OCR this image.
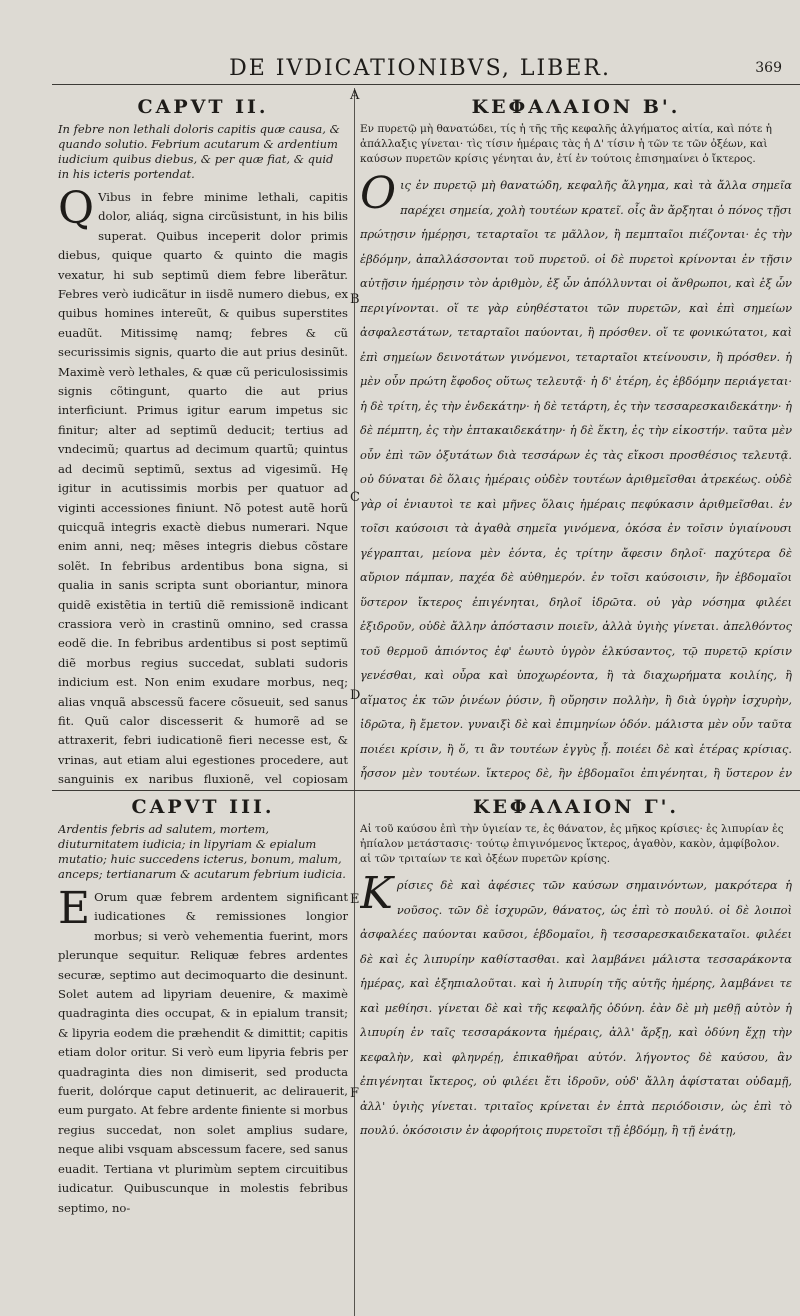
DE IVDICATIONIBVS, LIBER.	369
A
B
C
D
E
F
CAPVT II.

In febre non lethali doloris capitis quæ causa, & quando solutio. Febrium acutarum & ardentium iudicium quibus diebus, & per quæ fiat, & quid in his icteris portendat.

Q Vibus in febre minime lethali, capitis dolor, aliáq, signa circũsistunt, in his bilis superat. Quibus inceperit dolor primis diebus, quique quarto & quinto die magis vexatur, hi sub septimũ diem febre liberãtur. Febres verò iudicãtur in iisdẽ numero diebus, ex quibus homines intereũt, & quibus superstites euadũt. Mitissimę namq; febres & cũ securissimis signis, quarto die aut prius desinũt. Maximè verò lethales, & quæ cũ periculosissimis signis cõtingunt, quarto die aut prius interficiunt. Primus igitur earum impetus sic finitur; alter ad septimũ deducit; tertius ad vndecimũ; quartus ad decimum quartũ; quintus ad decimũ septimũ, sextus ad vigesimũ. Hę igitur in acutissimis morbis per quatuor ad viginti accessiones finiunt. Nõ potest autẽ horũ quicquã integris exactè diebus numerari. Nque enim anni, neq; mẽses integris diebus cõstare solẽt. In febribus ardentibus bona signa, si qualia in sanis scripta sunt oboriantur, minora quidẽ existẽtia in tertiũ diẽ remissionẽ indicant crassiora verò in crastinũ omnino, sed crassa eodẽ die. In febribus ardentibus si post septimũ diẽ morbus regius succedat, sublati sudoris indicium est. Non enim exudare morbus, neq; alias vnquã abscessũ facere cõsueuit, sed sanus fit. Quũ calor discesserit & humorẽ ad se attraxerit, febri iudicationẽ fieri necesse est, & vrinas, aut etiam alui egestiones procedere, aut sanguinis ex naribus fluxionẽ, vel copiosam

ΚΕΦΑΛΑΙΟΝ Β'.

Εν πυρετῷ μὴ θανατώδει, τίς ἡ τῆς τῆς κεφαλῆς ἀλγήματος αἰτία, καὶ πότε ἡ ἀπάλλαξις γίνεται· τὶς τίσιν ἡμέραις τὰς ἡ Δ' τίσιν ἡ τῶν τε τῶν ὀξέων, καὶ καύσων πυρετῶν κρίσις γένηται ἀν, ἐτί ἐν τούτοις ἐπισημαίνει ὁ ἴκτερος.

Οις ἐν πυρετῷ μὴ θανατώδη, κεφαλῆς ἄλγημα, καὶ τὰ ἄλλα σημεῖα παρέχει σημεία, χολὴ τουτέων κρατεῖ. οἷς ἂν ἄρξηται ὁ πόνος τῇσι πρώτῃσιν ἡμέρῃσι, τεταρταῖοι τε μᾶλλον, ἢ πεμπταῖοι πιέζονται· ἐς τὴν ἑβδόμην, ἀπαλλάσσονται τοῦ πυρετοῦ. οἱ δὲ πυρετοὶ κρίνονται ἐν τῇσιν αὐτῇσιν ἡμέρῃσιν τὸν ἀριθμὸν, ἐξ ὧν ἀπόλλυνται οἱ ἄνθρωποι, καὶ ἐξ ὧν περιγίνονται. οἵ τε γὰρ εὐηθέστατοι τῶν πυρετῶν, καὶ ἐπὶ σημείων ἀσφαλεστάτων, τεταρταῖοι παύονται, ἢ πρόσθεν. οἵ τε φονικώτατοι, καὶ ἐπὶ σημείων δεινοτάτων γινόμενοι, τεταρταῖοι κτείνουσιν, ἢ πρόσθεν. ἡ μὲν οὖν πρώτη ἔφοδος οὕτως τελευτᾷ· ἡ δ' ἑτέρη, ἐς ἑβδόμην περιάγεται· ἡ δὲ τρίτη, ἐς τὴν ἑνδεκάτην· ἡ δὲ τετάρτη, ἐς τὴν τεσσαρεσκαιδεκάτην· ἡ δὲ πέμπτη, ἐς τὴν ἑπτακαιδεκάτην· ἡ δὲ ἕκτη, ἐς τὴν εἰκοστήν. ταῦτα μὲν οὖν ἐπὶ τῶν ὀξυτάτων διὰ τεσσάρων ἐς τὰς εἴκοσι προσθέσιος τελευτᾷ. οὐ δύναται δὲ ὅλαις ἡμέραις οὐδὲν τουτέων ἀριθμεῖσθαι ἀτρεκέως. οὐδὲ γὰρ οἱ ἐνιαυτοὶ τε καὶ μῆνες ὅλαις ἡμέραις πεφύκασιν ἀριθμεῖσθαι. ἐν τοῖσι καύσοισι τὰ ἀγαθὰ σημεῖα γινόμενα, ὁκόσα ἐν τοῖσιν ὑγιαίνουσι γέγραπται, μείονα μὲν ἐόντα, ἐς τρίτην ἄφεσιν δηλοῖ· παχύτερα δὲ αὔριον πάμπαν, παχέα δὲ αὐθημερόν. ἐν τοῖσι καύσοισιν, ἢν ἑβδομαῖοι ὕστερον ἴκτερος ἐπιγένηται, δηλοῖ ἱδρῶτα. οὐ γὰρ νόσημα φιλέει ἐξιδροῦν, οὐδὲ ἄλλην ἀπόστασιν ποιεῖν, ἀλλὰ ὑγιὴς γίνεται. ἀπελθόντος τοῦ θερμοῦ ἀπιόντος ἐφ' ἑωυτὸ ὑγρὸν ἑλκύσαντος, τῷ πυρετῷ κρίσιν γενέσθαι, καὶ οὖρα καὶ ὑποχωρέοντα, ἢ τὰ διαχωρήματα κοιλίης, ἢ αἵματος ἐκ τῶν ῥινέων ῥύσιν, ἢ οὔρησιν πολλὴν, ἢ διὰ ὑγρὴν ἰσχυρὴν, ἱδρῶτα, ἢ ἔμετον. γυναιξὶ δὲ καὶ ἐπιμηνίων ὁδόν. μάλιστα μὲν οὖν ταῦτα ποιέει κρίσιν, ἢ ὅ, τι ἂν τουτέων ἐγγὺς ᾖ. ποιέει δὲ καὶ ἑτέρας κρίσιας. ἧσσον μὲν τουτέων. ἴκτερος δὲ, ἢν ἑβδομαῖοι ἐπιγένηται, ἢ ὕστερον ἐν

CAPVT III.

Ardentis febris ad salutem, mortem, diuturnitatem iudicia; in lipyriam & epialum mutatio; huic succedens icterus, bonum, malum, anceps; tertianarum & acutarum febrium iudicia.

E Orum quæ febrem ardentem significant iudicationes & remissiones longior morbus; si verò vehementia fuerint, mors plerunque sequitur. Reliquæ febres ardentes securæ, septimo aut decimoquarto die desinunt. Solet autem ad lipyriam deuenire, & maximè quadraginta dies occupat, & in epialum transit; & lipyria eodem die præhendit & dimittit; capitis etiam dolor oritur. Si verò eum lipyria febris per quadraginta dies non dimiserit, sed producta fuerit, dolórque caput detinuerit, ac delirauerit, eum purgato. At febre ardente finiente si morbus regius succedat, non solet amplius sudare, neque alibi vsquam abscessum facere, sed sanus euadit. Tertiana vt plurimùm septem circuitibus iudicatur. Quibuscunque in molestis febribus septimo, no-

ΚΕΦΑΛΑΙΟΝ Γ'.

Αἱ τοῦ καύσου ἐπὶ τὴν ὑγιείαν τε, ἐς θάνατον, ἐς μῆκος κρίσιες· ἐς λιπυρίαν ἐς ἠπίαλον μετάστασις· τούτῳ ἐπιγινόμενος ἴκτερος, ἀγαθὸν, κακὸν, ἀμφίβολον. αἱ τῶν τριταίων τε καὶ ὀξέων πυρετῶν κρίσης.

Κρίσιες δὲ καὶ ἀφέσιες τῶν καύσων σημαινόντων, μακρότερα ἡ νοῦσος. τῶν δὲ ἰσχυρῶν, θάνατος, ὡς ἐπὶ τὸ πουλύ. οἱ δὲ λοιποὶ ἀσφαλέες παύονται καῦσοι, ἑβδομαῖοι, ἢ τεσσαρεσκαιδεκαταῖοι. φιλέει δὲ καὶ ἐς λιπυρίην καθίστασθαι. καὶ λαμβάνει μάλιστα τεσσαράκοντα ἡμέρας, καὶ ἐξηπιαλοῦται. καὶ ἡ λιπυρίη τῆς αὐτῆς ἡμέρης, λαμβάνει τε καὶ μεθίησι. γίνεται δὲ καὶ τῆς κεφαλῆς ὀδύνη. ἐὰν δὲ μὴ μεθῇ αὐτὸν ἡ λιπυρίη ἐν ταῖς τεσσαράκοντα ἡμέραις, ἀλλ' ἄρξῃ, καὶ ὀδύνη ἔχῃ τὴν κεφαλὴν, καὶ φληνρέῃ, ἐπικαθῆραι αὐτόν. λήγοντος δὲ καύσου, ἂν ἐπιγένηται ἴκτερος, οὐ φιλέει ἔτι ἱδροῦν, οὐδ' ἄλλη ἀφίσταται οὐδαμῇ, ἀλλ' ὑγιὴς γίνεται. τριταῖος κρίνεται ἐν ἑπτὰ περιόδοισιν, ὡς ἐπὶ τὸ πουλύ. ὁκόσοισιν ἐν ἀφορήτοις πυρετοῖσι τῇ ἑβδόμῃ, ἢ τῇ ἐνάτῃ,
